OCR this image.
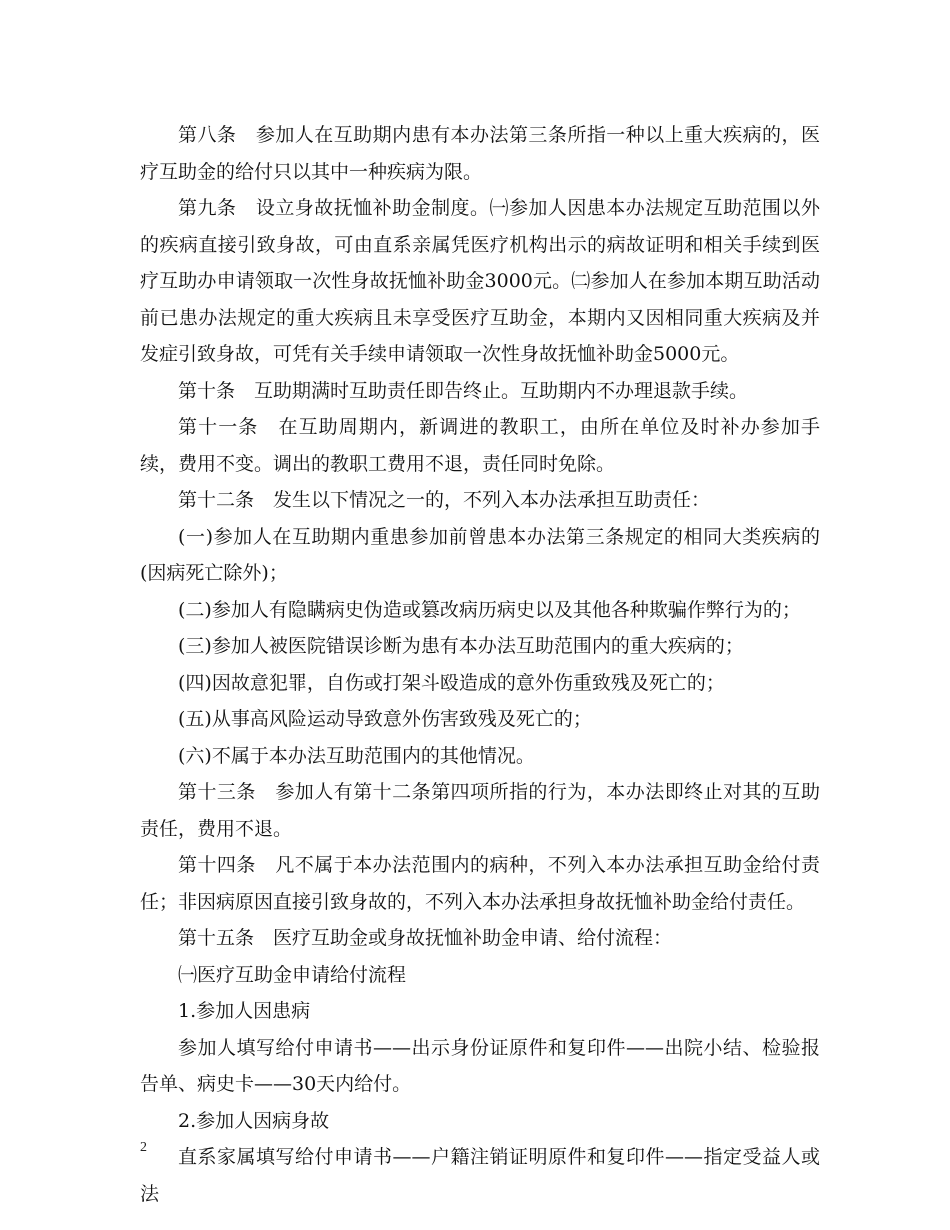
第八条　参加人在互助期内患有本办法第三条所指一种以上重大疾病的，医疗互助金的给付只以其中一种疾病为限。

第九条　设立身故抚恤补助金制度。㈠参加人因患本办法规定互助范围以外的疾病直接引致身故，可由直系亲属凭医疗机构出示的病故证明和相关手续到医疗互助办申请领取一次性身故抚恤补助金3000元。㈡参加人在参加本期互助活动前已患办法规定的重大疾病且未享受医疗互助金，本期内又因相同重大疾病及并发症引致身故，可凭有关手续申请领取一次性身故抚恤补助金5000元。

第十条　互助期满时互助责任即告终止。互助期内不办理退款手续。

第十一条　在互助周期内，新调进的教职工，由所在单位及时补办参加手续，费用不变。调出的教职工费用不退，责任同时免除。

第十二条　发生以下情况之一的，不列入本办法承担互助责任：

(一)参加人在互助期内重患参加前曾患本办法第三条规定的相同大类疾病的(因病死亡除外)；

(二)参加人有隐瞒病史伪造或篡改病历病史以及其他各种欺骗作弊行为的；

(三)参加人被医院错误诊断为患有本办法互助范围内的重大疾病的；

(四)因故意犯罪，自伤或打架斗殴造成的意外伤重致残及死亡的；

(五)从事高风险运动导致意外伤害致残及死亡的；

(六)不属于本办法互助范围内的其他情况。

第十三条　参加人有第十二条第四项所指的行为，本办法即终止对其的互助责任，费用不退。

第十四条　凡不属于本办法范围内的病种，不列入本办法承担互助金给付责任；非因病原因直接引致身故的，不列入本办法承担身故抚恤补助金给付责任。

第十五条　医疗互助金或身故抚恤补助金申请、给付流程：

㈠医疗互助金申请给付流程

1.参加人因患病

参加人填写给付申请书——出示身份证原件和复印件——出院小结、检验报告单、病史卡——30天内给付。

2.参加人因病身故

直系家属填写给付申请书——户籍注销证明原件和复印件——指定受益人或法

2
